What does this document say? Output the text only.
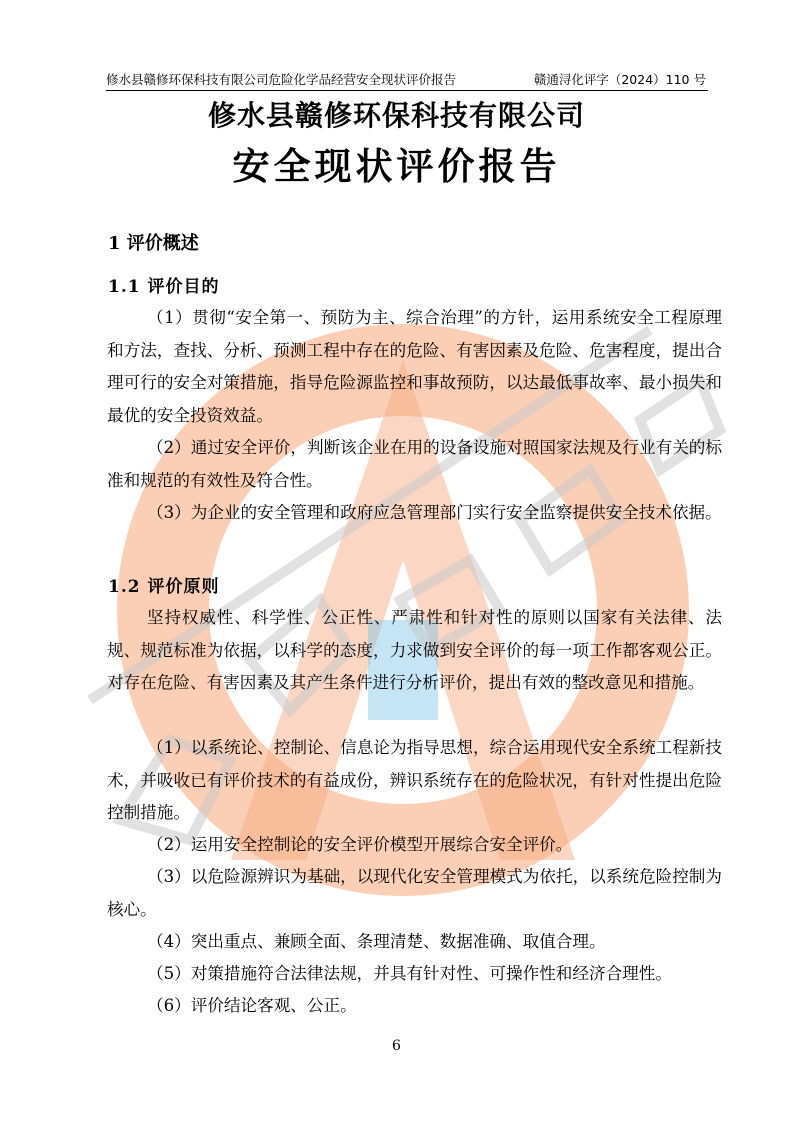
修水县赣修环保科技有限公司危险化学品经营安全现状评价报告	赣通浔化评字（2024）110 号
修水县赣修环保科技有限公司
安全现状评价报告
1 评价概述
1.1 评价目的

（1）贯彻“安全第一、预防为主、综合治理”的方针，运用系统安全工程原理和方法，查找、分析、预测工程中存在的危险、有害因素及危险、危害程度，提出合理可行的安全对策措施，指导危险源监控和事故预防，以达最低事故率、最小损失和最优的安全投资效益。

（2）通过安全评价，判断该企业在用的设备设施对照国家法规及行业有关的标准和规范的有效性及符合性。

（3）为企业的安全管理和政府应急管理部门实行安全监察提供安全技术依据。

1.2 评价原则

坚持权威性、科学性、公正性、严肃性和针对性的原则以国家有关法律、法规、规范标准为依据，以科学的态度，力求做到安全评价的每一项工作都客观公正。对存在危险、有害因素及其产生条件进行分析评价，提出有效的整改意见和措施。

（1）以系统论、控制论、信息论为指导思想，综合运用现代安全系统工程新技术，并吸收已有评价技术的有益成份，辨识系统存在的危险状况，有针对性提出危险控制措施。

（2）运用安全控制论的安全评价模型开展综合安全评价。

（3）以危险源辨识为基础，以现代化安全管理模式为依托，以系统危险控制为核心。

（4）突出重点、兼顾全面、条理清楚、数据准确、取值合理。

（5）对策措施符合法律法规，并具有针对性、可操作性和经济合理性。

（6）评价结论客观、公正。

6
